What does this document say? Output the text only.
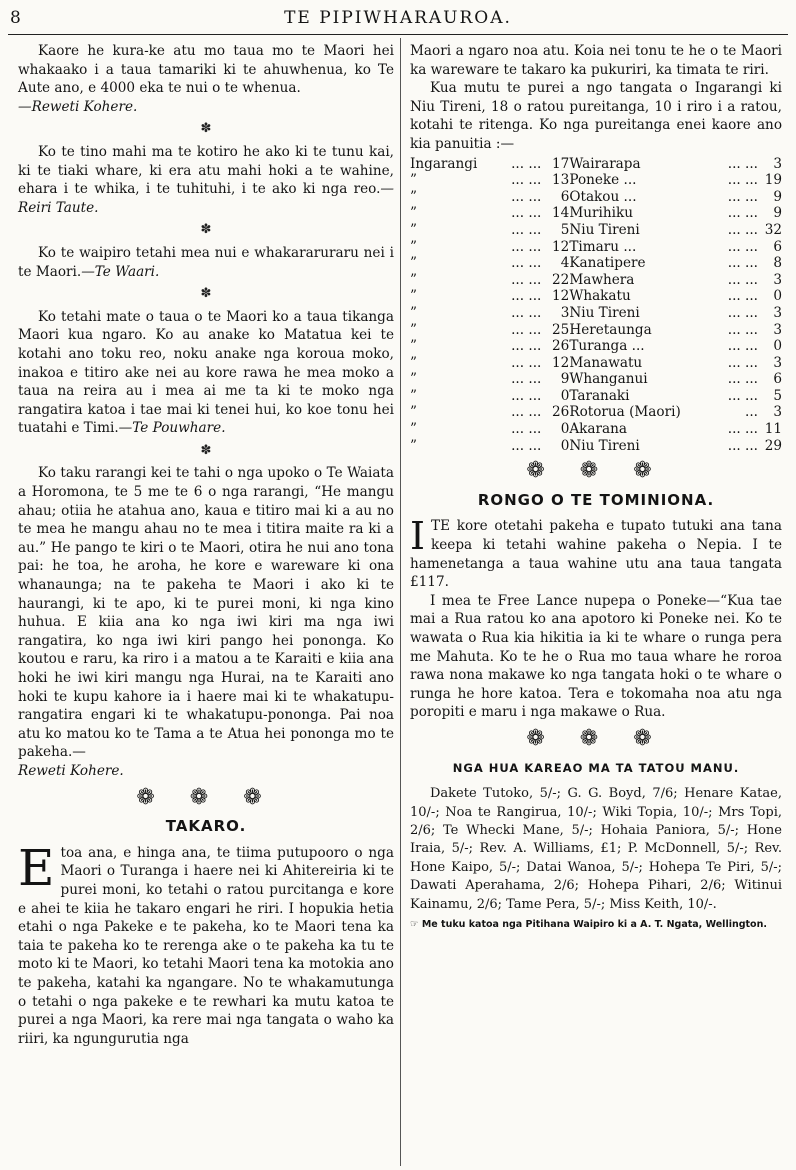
8	TE PIPIWHARAUROA.

Kaore he kura-ke atu mo taua mo te Maori hei whakaako i a taua tamariki ki te ahuwhenua, ko Te Aute ano, e 4000 eka te nui o te whenua.
—Reweti Kohere.

✽

Ko te tino mahi ma te kotiro he ako ki te tunu kai, ki te tiaki whare, ki era atu mahi hoki a te wahine, ehara i te whika, i te tuhituhi, i te ako ki nga reo.—Reiri Taute.

✽

Ko te waipiro tetahi mea nui e whakararuraru nei i te Maori.—Te Waari.

✽

Ko tetahi mate o taua o te Maori ko a taua tikanga Maori kua ngaro. Ko au anake ko Matatua kei te kotahi ano toku reo, noku anake nga koroua moko, inakoa e titiro ake nei au kore rawa he mea moko a taua na reira au i mea ai me ta ki te moko nga rangatira katoa i tae mai ki tenei hui, ko koe tonu hei tuatahi e Timi.—Te Pouwhare.

✽

Ko taku rarangi kei te tahi o nga upoko o Te Waiata a Horomona, te 5 me te 6 o nga rarangi, “He mangu ahau; otiia he atahua ano, kaua e titiro mai ki a au no te mea he mangu ahau no te mea i titira maite ra ki a au.” He pango te kiri o te Maori, otira he nui ano tona pai: he toa, he aroha, he kore e wareware ki ona whanaunga; na te pakeha te Maori i ako ki te haurangi, ki te apo, ki te purei moni, ki nga kino huhua. E kiia ana ko nga iwi kiri ma nga iwi rangatira, ko nga iwi kiri pango hei pononga. Ko koutou e raru, ka riro i a matou a te Karaiti e kiia ana hoki he iwi kiri mangu nga Hurai, na te Karaiti ano hoki te kupu kahore ia i haere mai ki te whakatupu-rangatira engari ki te whakatupu-pononga. Pai noa atu ko matou ko te Tama a te Atua hei pononga mo te pakeha.—
Reweti Kohere.

❁ ❁ ❁
TAKARO.

Etoa ana, e hinga ana, te tiima putupooro o nga Maori o Turanga i haere nei ki Ahitereiria ki te purei moni, ko tetahi o ratou purcitanga e kore e ahei te kiia he takaro engari he riri. I hopukia hetia etahi o nga Pakeke e te pakeha, ko te Maori tena ka taia te pakeha ko te rerenga ake o te pakeha ka tu te moto ki te Maori, ko tetahi Maori tena ka motokia ano te pakeha, katahi ka ngangare. No te whakamutunga o tetahi o nga pakeke e te rewhari ka mutu katoa te purei a nga Maori, ka rere mai nga tangata o waho ka riiri, ka ngungurutia nga

Maori a ngaro noa atu. Koia nei tonu te he o te Maori ka wareware te takaro ka pukuriri, ka timata te riri.

Kua mutu te purei a ngo tangata o Ingarangi ki Niu Tireni, 18 o ratou pureitanga, 10 i riro i a ratou, kotahi te ritenga. Ko nga pureitanga enei kaore ano kia panuitia :—

Ingarangi	... ...	17	Wairarapa	... ...	3
”	... ...	13	Poneke ...	... ...	19
”	... ...	6	Otakou ...	... ...	9
”	... ...	14	Murihiku	... ...	9
”	... ...	5	Niu Tireni	... ...	32
”	... ...	12	Timaru ...	... ...	6
”	... ...	4	Kanatipere	... ...	8
”	... ...	22	Mawhera	... ...	3
”	... ...	12	Whakatu	... ...	0
”	... ...	3	Niu Tireni	... ...	3
”	... ...	25	Heretaunga	... ...	3
”	... ...	26	Turanga ...	... ...	0
”	... ...	12	Manawatu	... ...	3
”	... ...	9	Whanganui	... ...	6
”	... ...	0	Taranaki	... ...	5
”	... ...	26	Rotorua (Maori)	...	3
”	... ...	0	Akarana	... ...	11
”	... ...	0	Niu Tireni	... ...	29
❁ ❁ ❁
RONGO O TE TOMINIONA.

ITE kore otetahi pakeha e tupato tutuki ana tana keepa ki tetahi wahine pakeha o Nepia. I te hamenetanga a taua wahine utu ana taua tangata £117.

I mea te Free Lance nupepa o Poneke—“Kua tae mai a Rua ratou ko ana apotoro ki Poneke nei. Ko te wawata o Rua kia hikitia ia ki te whare o runga pera me Mahuta. Ko te he o Rua mo taua whare he roroa rawa nona makawe ko nga tangata hoki o te whare o runga he hore katoa. Tera e tokomaha noa atu nga poropiti e maru i nga makawe o Rua.

❁ ❁ ❁
NGA HUA KAREAO MA TA TATOU MANU.

Dakete Tutoko, 5/-; G. G. Boyd, 7/6; Henare Katae, 10/-; Noa te Rangirua, 10/-; Wiki Topia, 10/-; Mrs Topi, 2/6; Te Whecki Mane, 5/-; Hohaia Paniora, 5/-; Hone Iraia, 5/-; Rev. A. Williams, £1; P. McDonnell, 5/-; Rev. Hone Kaipo, 5/-; Datai Wanoa, 5/-; Hohepa Te Piri, 5/-; Dawati Aperahama, 2/6; Hohepa Pihari, 2/6; Witinui Kainamu, 2/6; Tame Pera, 5/-; Miss Keith, 10/-.

☞ Me tuku katoa nga Pitihana Waipiro ki a A. T. Ngata, Wellington.
